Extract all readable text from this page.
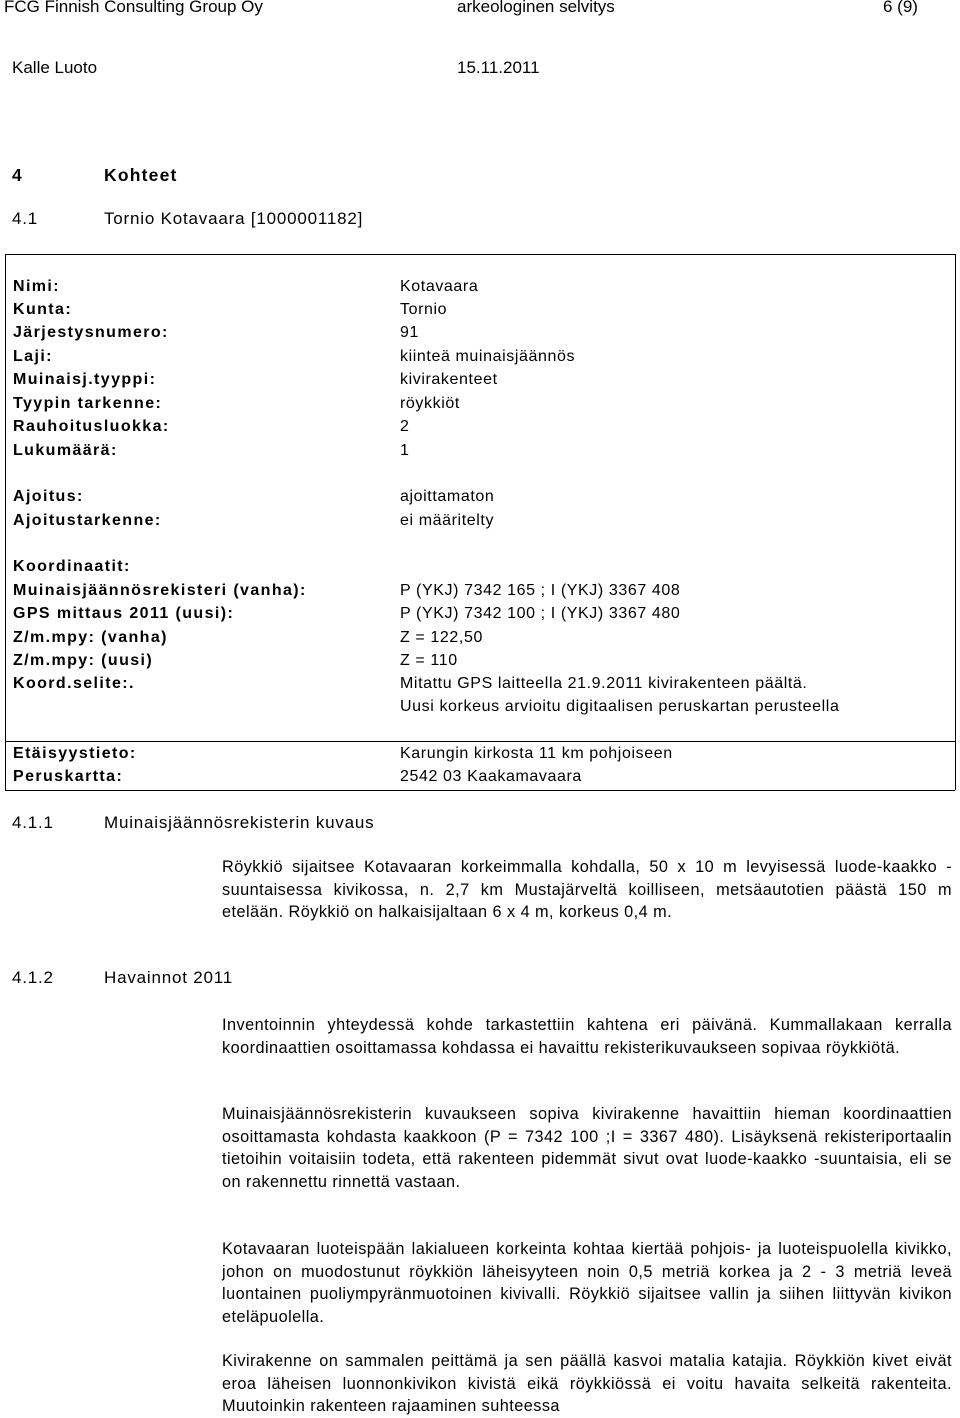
FCG Finnish Consulting Group Oy	arkeologinen selvitys	6 (9)
Kalle Luoto	15.11.2011
4	Kohteet
4.1	Tornio Kotavaara [1000001182]
Nimi:	Kotavaara
Kunta:	Tornio
Järjestysnumero:	91
Laji:	kiinteä muinaisjäännös
Muinaisj.tyyppi:	kivirakenteet
Tyypin tarkenne:	röykkiöt
Rauhoitusluokka:	2
Lukumäärä:	1
Ajoitus:	ajoittamaton
Ajoitustarkenne:	ei määritelty
Koordinaatit:
Muinaisjäännösrekisteri (vanha):	P (YKJ) 7342 165 ; I (YKJ) 3367 408
GPS mittaus 2011 (uusi):	P (YKJ) 7342 100 ; I (YKJ) 3367 480
Z/m.mpy: (vanha)	Z = 122,50
Z/m.mpy: (uusi)	Z = 110
Koord.selite:.	Mitattu GPS laitteella 21.9.2011 kivirakenteen päältä.
Uusi korkeus arvioitu digitaalisen peruskartan perusteella
Etäisyystieto:	Karungin kirkosta 11 km pohjoiseen
Peruskartta:	2542 03 Kaakamavaara
4.1.1	Muinaisjäännösrekisterin kuvaus
Röykkiö sijaitsee Kotavaaran korkeimmalla kohdalla, 50 x 10 m levyisessä luode-kaakko -suuntaisessa kivikossa, n. 2,7 km Mustajärveltä koilliseen, metsäautotien päästä 150 m etelään. Röykkiö on halkaisijaltaan 6 x 4 m, korkeus 0,4 m.
4.1.2	Havainnot 2011
Inventoinnin yhteydessä kohde tarkastettiin kahtena eri päivänä. Kummallakaan kerralla koordinaattien osoittamassa kohdassa ei havaittu rekisterikuvaukseen sopivaa röykkiötä.
Muinaisjäännösrekisterin kuvaukseen sopiva kivirakenne havaittiin hieman koordinaattien osoittamasta kohdasta kaakkoon (P = 7342 100 ;I = 3367 480). Lisäyksenä rekisteriportaalin tietoihin voitaisiin todeta, että rakenteen pidemmät sivut ovat luode-kaakko -suuntaisia, eli se on rakennettu rinnettä vastaan.
Kotavaaran luoteispään lakialueen korkeinta kohtaa kiertää pohjois- ja luoteispuolella kivikko, johon on muodostunut röykkiön läheisyyteen noin 0,5 metriä korkea ja 2 - 3 metriä leveä luontainen puoliympyränmuotoinen kivivalli. Röykkiö sijaitsee vallin ja siihen liittyvän kivikon eteläpuolella.
Kivirakenne on sammalen peittämä ja sen päällä kasvoi matalia katajia. Röykkiön kivet eivät eroa läheisen luonnonkivikon kivistä eikä röykkiössä ei voitu havaita selkeitä rakenteita. Muutoinkin rakenteen rajaaminen suhteessa
